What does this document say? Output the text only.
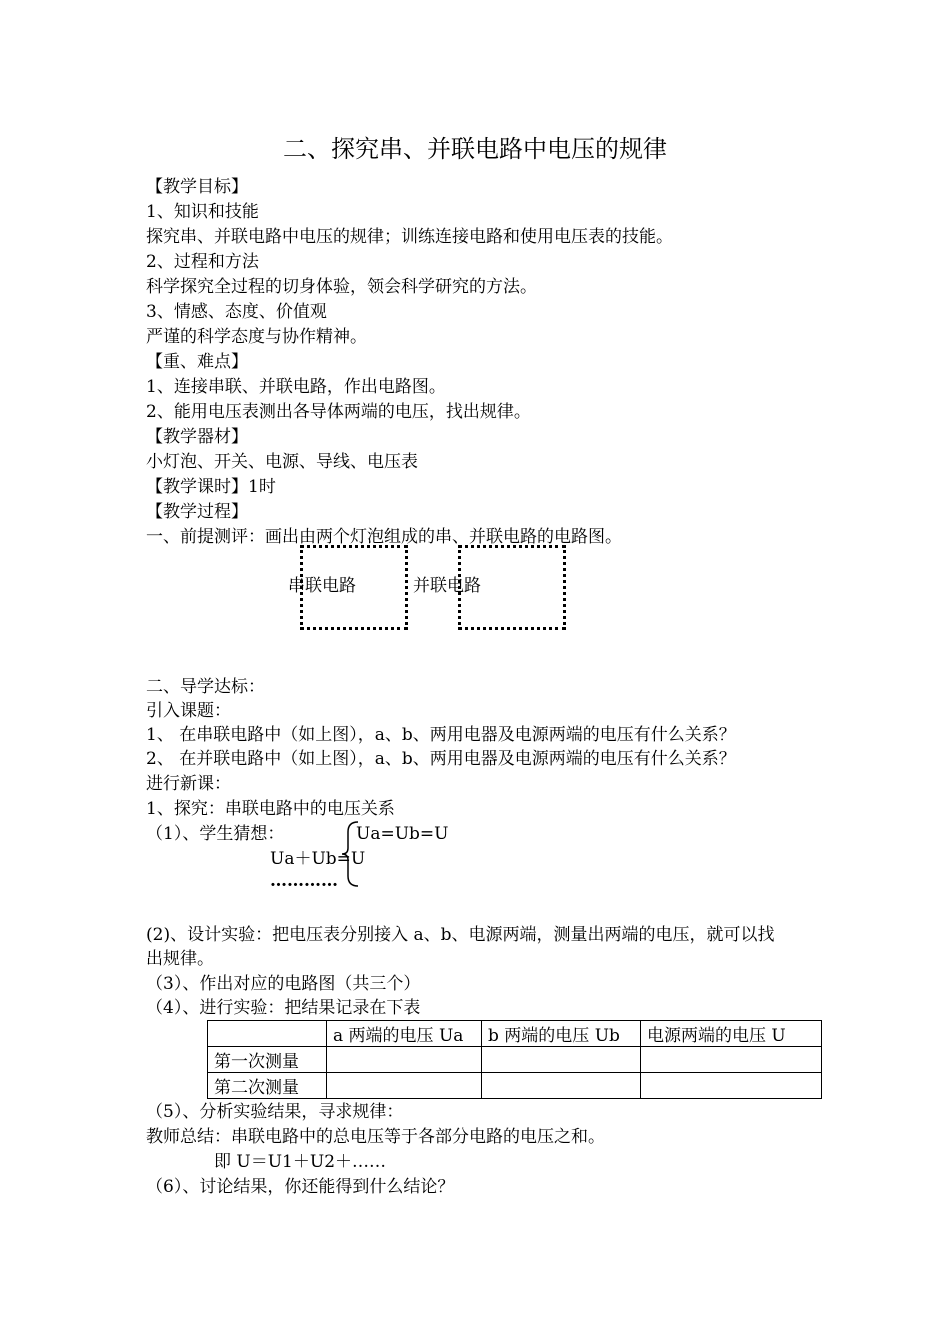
二、探究串、并联电路中电压的规律
【教学目标】
1、知识和技能
探究串、并联电路中电压的规律；训练连接电路和使用电压表的技能。
2、过程和方法
科学探究全过程的切身体验，领会科学研究的方法。
3、情感、态度、价值观
严谨的科学态度与协作精神。
【重、难点】
1、连接串联、并联电路，作出电路图。
2、能用电压表测出各导体两端的电压，找出规律。
【教学器材】
小灯泡、开关、电源、导线、电压表
【教学课时】1时
【教学过程】
一、前提测评：画出由两个灯泡组成的串、并联电路的电路图。
串联电路	并联电路
二、导学达标：
引入课题：
1、 在串联电路中（如上图），a、b、两用电器及电源两端的电压有什么关系？
2、 在并联电路中（如上图），a、b、两用电器及电源两端的电压有什么关系？
进行新课：
1、探究：串联电路中的电压关系
（1）、学生猜想：	Ua=Ub=U
Ua＋Ub=U
…………
(2)、设计实验：把电压表分别接入 a、b、电源两端，测量出两端的电压，就可以找
出规律。
（3）、作出对应的电路图（共三个）
（4）、进行实验：把结果记录在下表
	a 两端的电压 Ua	b 两端的电压 Ub	电源两端的电压 U
第一次测量			
第二次测量			
（5）、分析实验结果，寻求规律：
教师总结：串联电路中的总电压等于各部分电路的电压之和。
即 U＝U1＋U2＋……
（6）、讨论结果，你还能得到什么结论？
